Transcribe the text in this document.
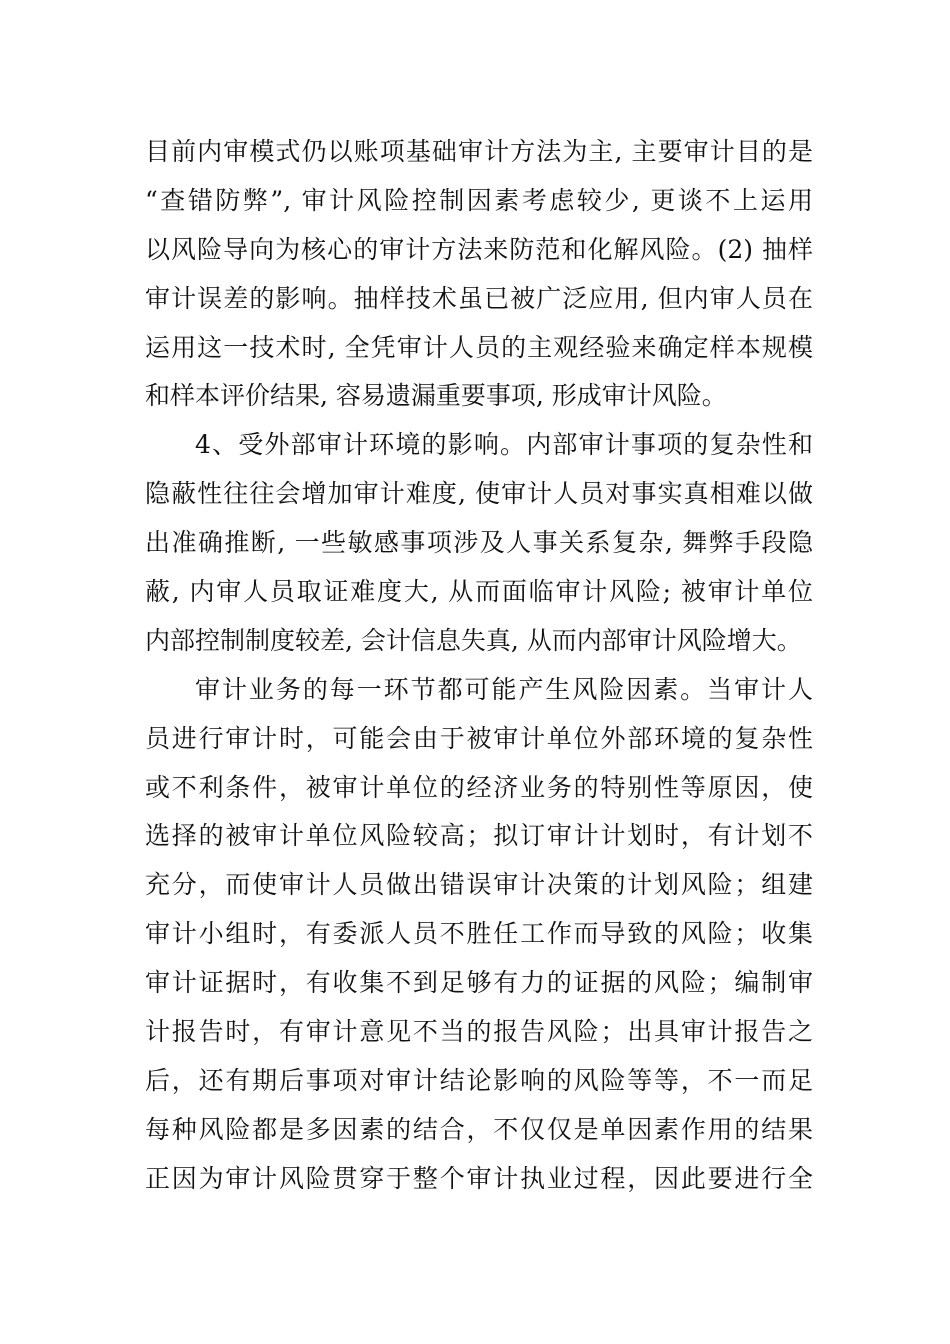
目前内审模式仍以账项基础审计方法为主, 主要审计目的是
“查错防弊”, 审计风险控制因素考虑较少, 更谈不上运用
以风险导向为核心的审计方法来防范和化解风险。(2) 抽样
审计误差的影响。抽样技术虽已被广泛应用, 但内审人员在
运用这一技术时, 全凭审计人员的主观经验来确定样本规模
和样本评价结果, 容易遗漏重要事项, 形成审计风险。
4、受外部审计环境的影响。内部审计事项的复杂性和
隐蔽性往往会增加审计难度, 使审计人员对事实真相难以做
出准确推断, 一些敏感事项涉及人事关系复杂, 舞弊手段隐
蔽, 内审人员取证难度大, 从而面临审计风险; 被审计单位
内部控制制度较差, 会计信息失真, 从而内部审计风险增大。
审计业务的每一环节都可能产生风险因素。当审计人
员进行审计时，可能会由于被审计单位外部环境的复杂性
或不利条件，被审计单位的经济业务的特别性等原因，使
选择的被审计单位风险较高；拟订审计计划时，有计划不
充分，而使审计人员做出错误审计决策的计划风险；组建
审计小组时，有委派人员不胜任工作而导致的风险；收集
审计证据时，有收集不到足够有力的证据的风险；编制审
计报告时，有审计意见不当的报告风险；出具审计报告之
后，还有期后事项对审计结论影响的风险等等，不一而足
每种风险都是多因素的结合，不仅仅是单因素作用的结果
正因为审计风险贯穿于整个审计执业过程，因此要进行全
